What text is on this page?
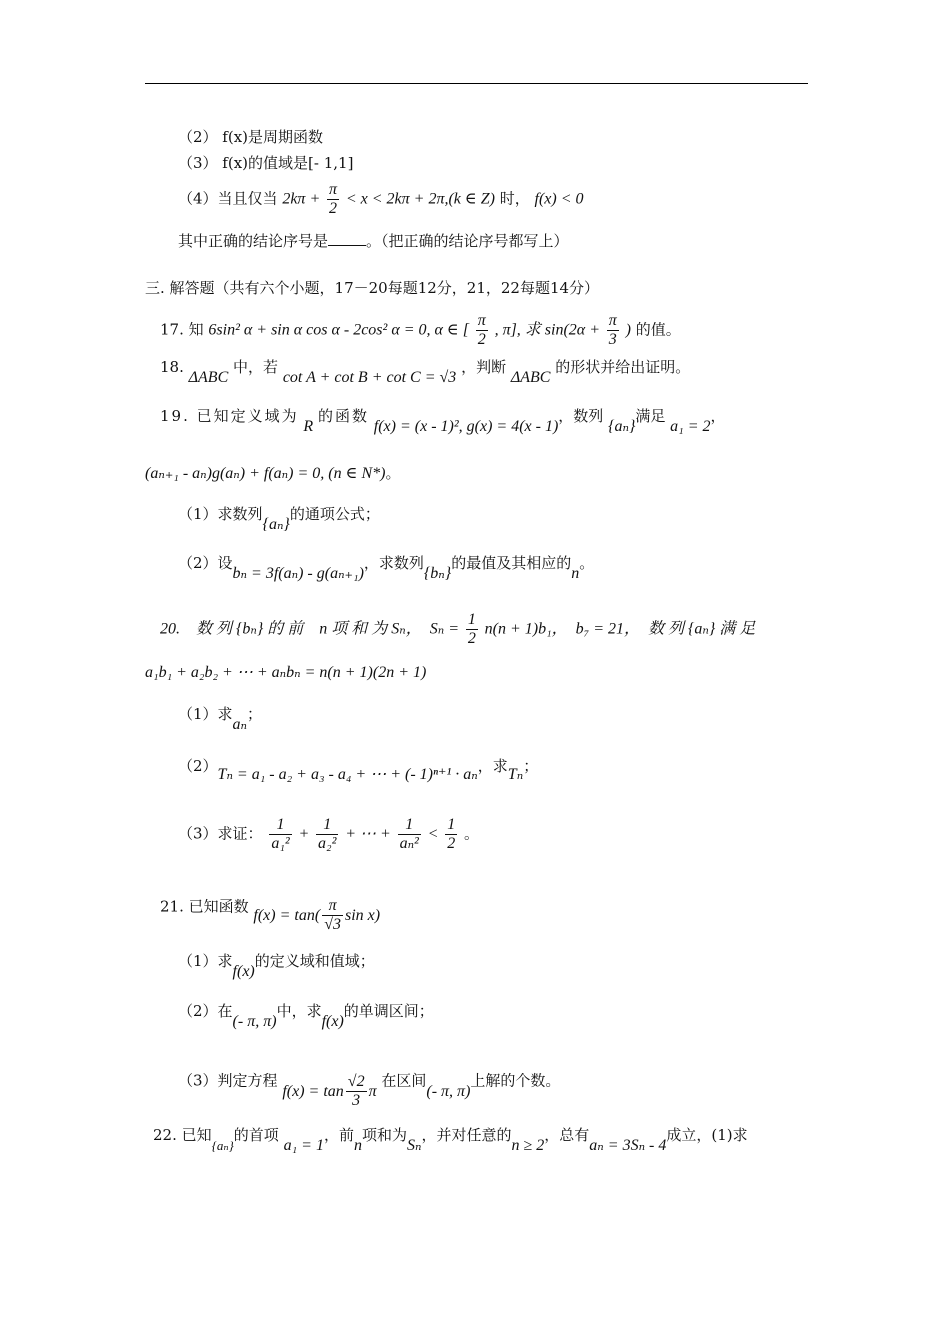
（2） f(x)是周期函数
（3） f(x)的值域是[- 1,1]
（4）当且仅当 $2k\pi + \frac{\pi}{2} < x < 2k\pi + 2\pi,(k$ ∈ Z) 时， f(x) < 0
其中正确的结论序号是	。（把正确的结论序号都写上）
三. 解答题（共有六个小题，17－20每题12分，21，22每题14分）
17. 知 6sin² α + sin α cos α - 2cos² α = 0, α ∈ [ $\frac{\pi}{2}$ , π], 求 $\sin(2\alpha + \frac{\pi}{3}$ ) 的值。
18. ΔABC 中，若 cot A + cot B + cot C = √3 ，判断 ΔABC 的形状并给出证明。
19. 已知定义域为 R 的函数 f(x) = (x - 1)², g(x) = 4(x - 1)，数列 {aₙ}满足 a₁ = 2，
(aₙ₊₁ - aₙ)g(aₙ) + f(aₙ) = 0, (n ∈ N*)。
（1）求数列{aₙ}的通项公式；
（2）设bₙ = 3f(aₙ) - g(aₙ₊₁)，求数列{bₙ}的最值及其相应的n。
20.　数 列 {bₙ} 的 前　n 项 和 为 Sₙ，　$S_n = \frac{1}{2} n(n + 1)b_1$，　b₇ = 21，　数 列 {aₙ} 满 足
a₁b₁ + a₂b₂ + ⋯ + aₙbₙ = n(n + 1)(2n + 1)
（1）求aₙ；
（2）Tₙ = a₁ - a₂ + a₃ - a₄ + ⋯ + (- 1)ⁿ⁺¹ · aₙ，求Tₙ；
（3）求证： $\frac{1}{\text{a₁²}} + \frac{1}{\text{a₂²}}$ + ⋯ + $\frac{1}{\text{aₙ²}} < \frac{1}{2}$ 。
21. 已知函数 $f(x) = \tan( \frac{\pi}{√3}$ sin x)
（1）求f(x)的定义域和值域；
（2）在(- π, π)中，求f(x)的单调区间；
（3）判定方程 $f(x) = \tan \frac{√2}{3}$ π 在区间(- π, π)上解的个数。
22. 已知{aₙ}的首项 a₁ = 1，前n项和为Sₙ，并对任意的n ≥ 2，总有aₙ = 3Sₙ - 4成立，(1)求
